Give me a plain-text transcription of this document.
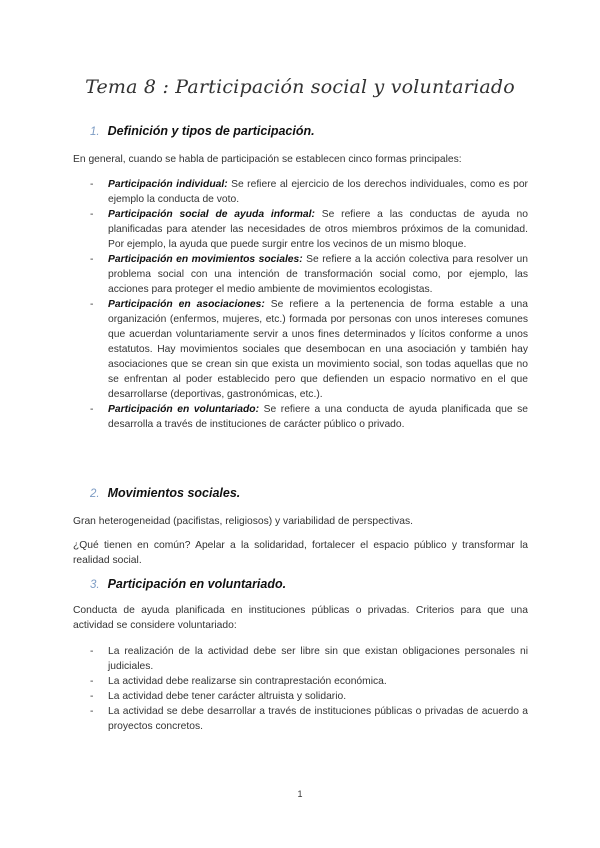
Tema 8 : Participación social y voluntariado
1. Definición y tipos de participación.
En general, cuando se habla de participación se establecen cinco formas principales:
- Participación individual: Se refiere al ejercicio de los derechos individuales, como es por ejemplo la conducta de voto.
- Participación social de ayuda informal: Se refiere a las conductas de ayuda no planificadas para atender las necesidades de otros miembros próximos de la comunidad. Por ejemplo, la ayuda que puede surgir entre los vecinos de un mismo bloque.
- Participación en movimientos sociales: Se refiere a la acción colectiva para resolver un problema social con una intención de transformación social como, por ejemplo, las acciones para proteger el medio ambiente de movimientos ecologistas.
- Participación en asociaciones: Se refiere a la pertenencia de forma estable a una organización (enfermos, mujeres, etc.) formada por personas con unos intereses comunes que acuerdan voluntariamente servir a unos fines determinados y lícitos conforme a unos estatutos. Hay movimientos sociales que desembocan en una asociación y también hay asociaciones que se crean sin que exista un movimiento social, son todas aquellas que no se enfrentan al poder establecido pero que defienden un espacio normativo en el que desarrollarse (deportivas, gastronómicas, etc.).
- Participación en voluntariado: Se refiere a una conducta de ayuda planificada que se desarrolla a través de instituciones de carácter público o privado.
2. Movimientos sociales.
Gran heterogeneidad (pacifistas, religiosos) y variabilidad de perspectivas.
¿Qué tienen en común? Apelar a la solidaridad, fortalecer el espacio público y transformar la realidad social.
3. Participación en voluntariado.
Conducta de ayuda planificada en instituciones públicas o privadas. Criterios para que una actividad se considere voluntariado:
- La realización de la actividad debe ser libre sin que existan obligaciones personales ni judiciales.
- La actividad debe realizarse sin contraprestación económica.
- La actividad debe tener carácter altruista y solidario.
- La actividad se debe desarrollar a través de instituciones públicas o privadas de acuerdo a proyectos concretos.
1
